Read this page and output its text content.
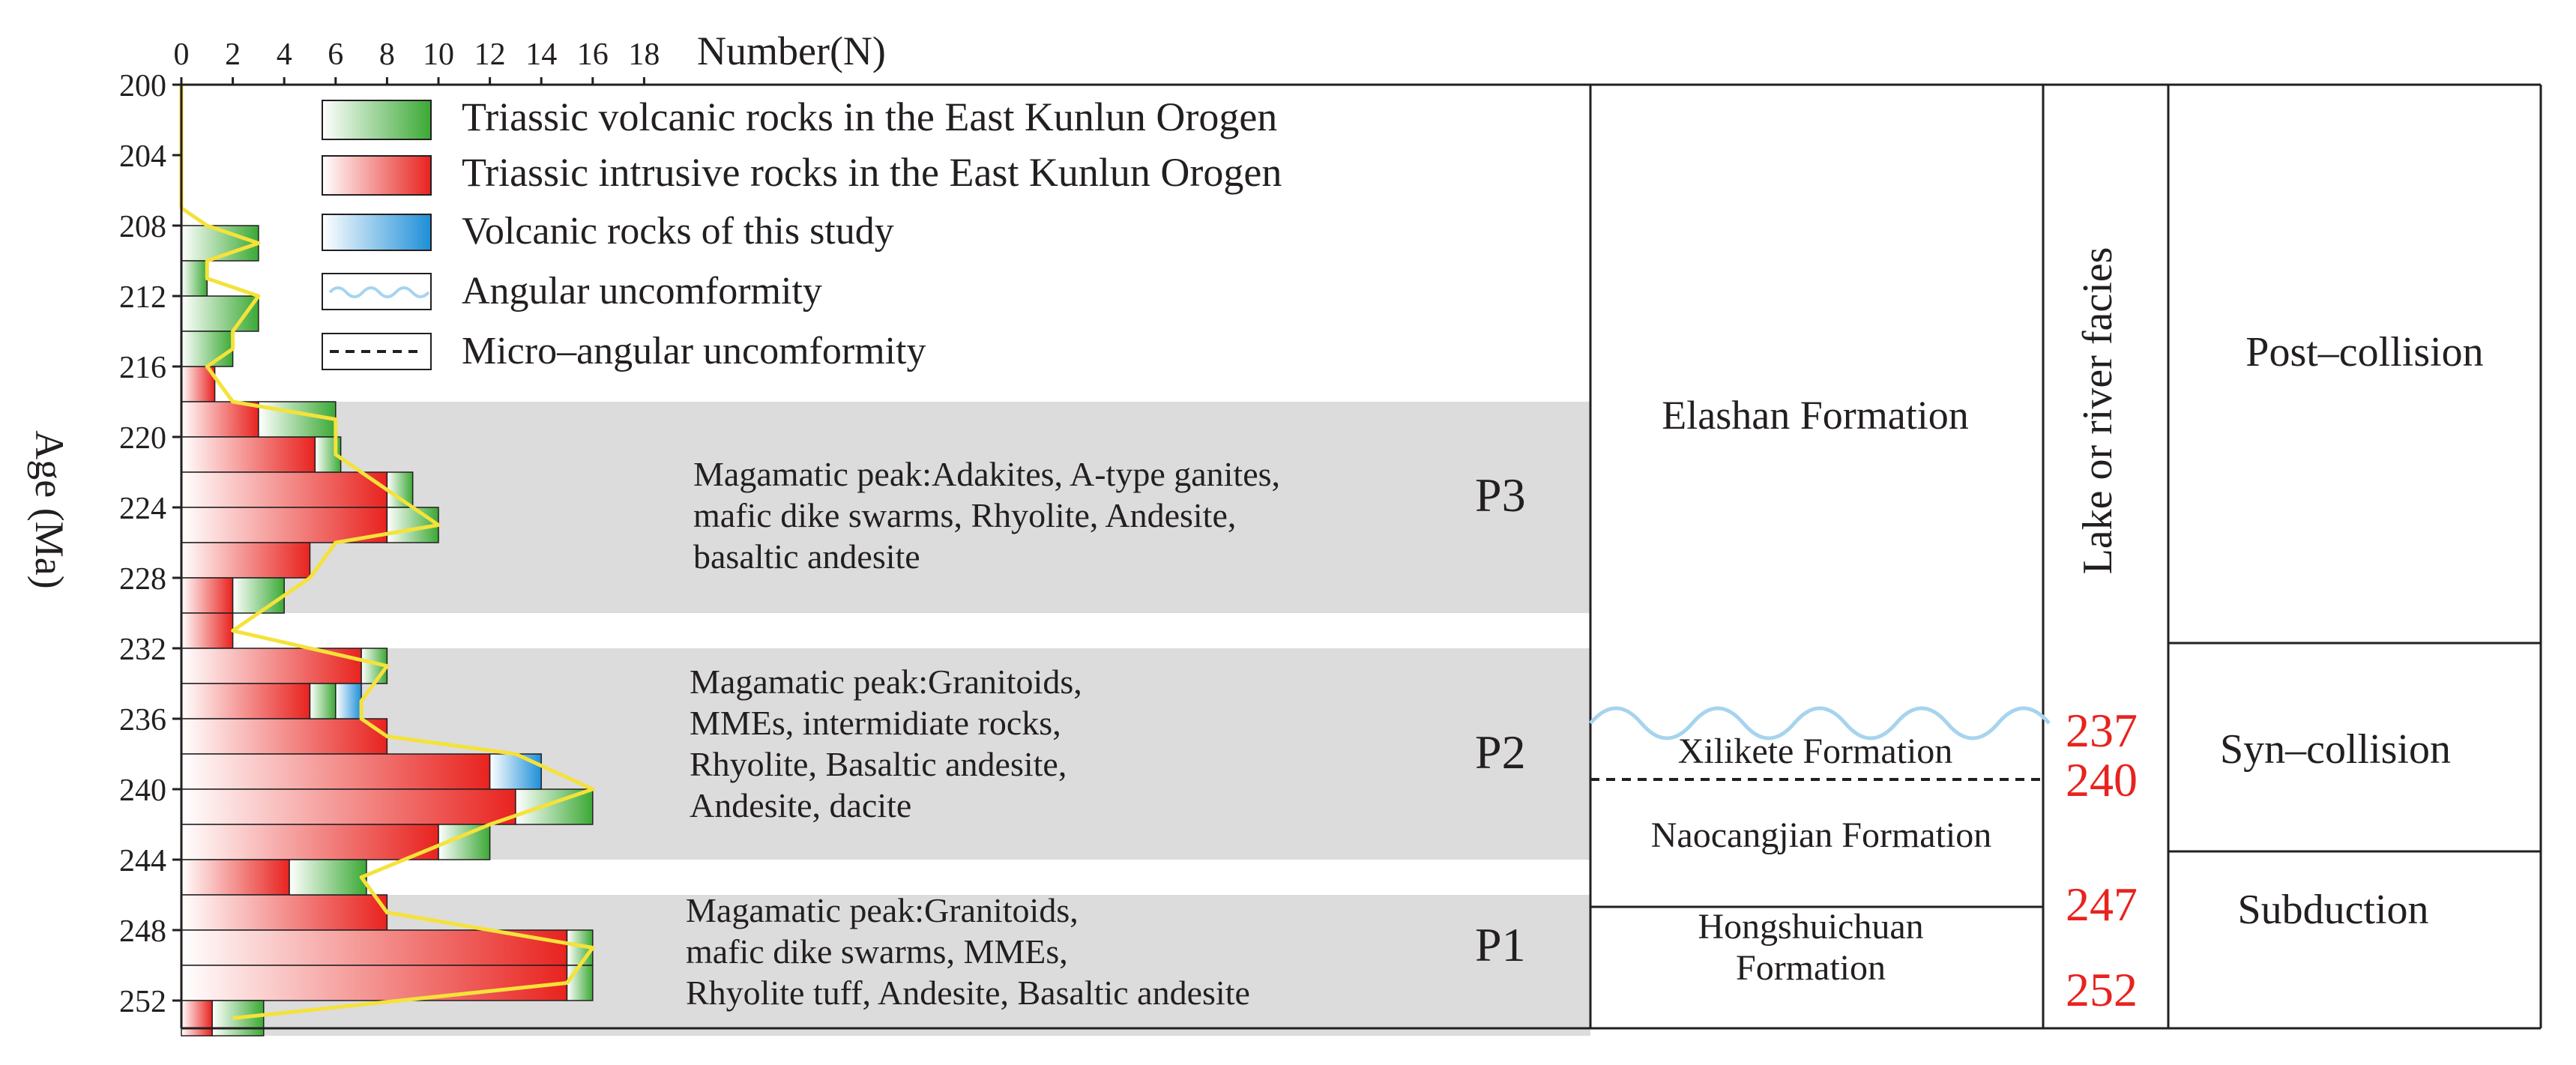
0 2 4 6 8 10 12 14 16 18
200
204
208
212
216
220
224
228
232
236
240
244
248
252
Number(N)
Age (Ma)
Triassic volcanic rocks in the East Kunlun Orogen
Triassic intrusive rocks in the East Kunlun Orogen
Volcanic rocks of this study
Angular uncomformity
Micro–angular uncomformity
Magamatic peak:Adakites, A-type ganites,
mafic dike swarms, Rhyolite, Andesite,
basaltic andesite
P3
Magamatic peak:Granitoids,
MMEs, intermidiate rocks,
Rhyolite, Basaltic andesite,
Andesite, dacite
P2
Magamatic peak:Granitoids,
mafic dike swarms, MMEs,
Rhyolite tuff, Andesite, Basaltic andesite
P1
Elashan Formation
Xilikete Formation
Naocangjian Formation
Hongshuichuan
Formation
Lake or river facies
237
240
247
252
Post–collision
Syn–collision
Subduction
